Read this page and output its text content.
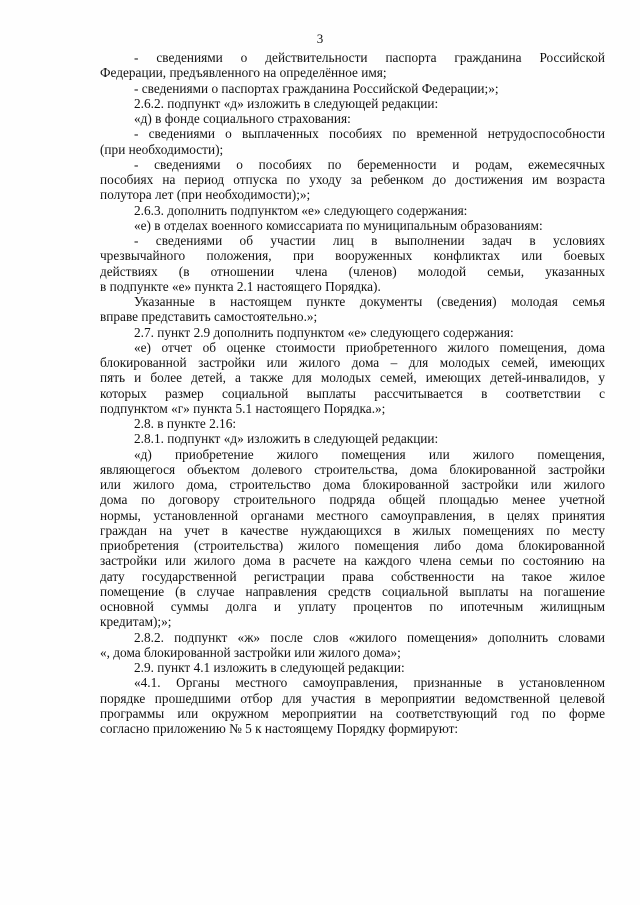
3
- сведениями о действительности паспорта гражданина Российской
Федерации, предъявленного на определённое имя;
- сведениями о паспортах гражданина Российской Федерации;»;
2.6.2. подпункт «д» изложить в следующей редакции:
«д) в фонде социального страхования:
- сведениями о выплаченных пособиях по временной нетрудоспособности
(при необходимости);
- сведениями о пособиях по беременности и родам, ежемесячных
пособиях на период отпуска по уходу за ребенком до достижения им возраста
полутора лет (при необходимости);»;
2.6.3. дополнить подпунктом «е» следующего содержания:
«е) в отделах военного комиссариата по муниципальным образованиям:
- сведениями об участии лиц в выполнении задач в условиях
чрезвычайного положения, при вооруженных конфликтах или боевых
действиях (в отношении члена (членов) молодой семьи, указанных
в подпункте «е» пункта 2.1 настоящего Порядка).
Указанные в настоящем пункте документы (сведения) молодая семья
вправе представить самостоятельно.»;
2.7. пункт 2.9 дополнить подпунктом «е» следующего содержания:
«е) отчет об оценке стоимости приобретенного жилого помещения, дома
блокированной застройки или жилого дома – для молодых семей, имеющих
пять и более детей, а также для молодых семей, имеющих детей-инвалидов, у
которых размер социальной выплаты рассчитывается в соответствии с
подпунктом «г» пункта 5.1 настоящего Порядка.»;
2.8. в пункте 2.16:
2.8.1. подпункт «д» изложить в следующей редакции:
«д) приобретение жилого помещения или жилого помещения,
являющегося объектом долевого строительства, дома блокированной застройки
или жилого дома, строительство дома блокированной застройки или жилого
дома по договору строительного подряда общей площадью менее учетной
нормы, установленной органами местного самоуправления, в целях принятия
граждан на учет в качестве нуждающихся в жилых помещениях по месту
приобретения (строительства) жилого помещения либо дома блокированной
застройки или жилого дома в расчете на каждого члена семьи по состоянию на
дату государственной регистрации права собственности на такое жилое
помещение (в случае направления средств социальной выплаты на погашение
основной суммы долга и уплату процентов по ипотечным жилищным
кредитам);»;
2.8.2. подпункт «ж» после слов «жилого помещения» дополнить словами
«, дома блокированной застройки или жилого дома»;
2.9. пункт 4.1 изложить в следующей редакции:
«4.1. Органы местного самоуправления, признанные в установленном
порядке прошедшими отбор для участия в мероприятии ведомственной целевой
программы или окружном мероприятии на соответствующий год по форме
согласно приложению № 5 к настоящему Порядку формируют:
